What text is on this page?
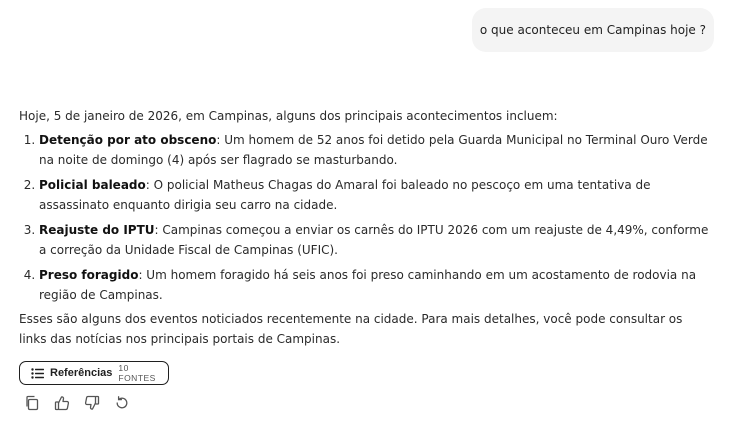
o que aconteceu em Campinas hoje ?

Hoje, 5 de janeiro de 2026, em Campinas, alguns dos principais acontecimentos incluem:

1. Detenção por ato obsceno: Um homem de 52 anos foi detido pela Guarda Municipal no Terminal Ouro Verde na noite de domingo (4) após ser flagrado se masturbando.
2. Policial baleado: O policial Matheus Chagas do Amaral foi baleado no pescoço em uma tentativa de assassinato enquanto dirigia seu carro na cidade.
3. Reajuste do IPTU: Campinas começou a enviar os carnês do IPTU 2026 com um reajuste de 4,49%, conforme a correção da Unidade Fiscal de Campinas (UFIC).
4. Preso foragido: Um homem foragido há seis anos foi preso caminhando em um acostamento de rodovia na região de Campinas.

Esses são alguns dos eventos noticiados recentemente na cidade. Para mais detalhes, você pode consultar os links das notícias nos principais portais de Campinas.

Referências 10 FONTES
